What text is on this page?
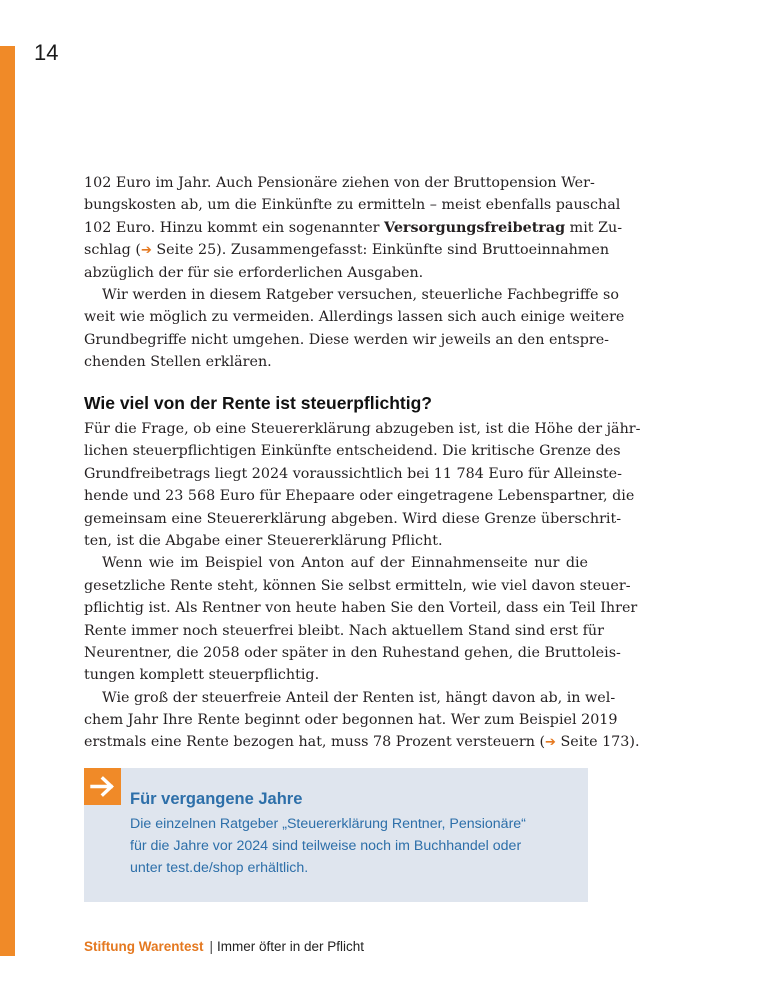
14
102 Euro im Jahr. Auch Pensionäre ziehen von der Bruttopension Wer-
bungskosten ab, um die Einkünfte zu ermitteln – meist ebenfalls pauschal
102 Euro. Hinzu kommt ein sogenannter Versorgungsfreibetrag mit Zu-
schlag (➔ Seite 25). Zusammengefasst: Einkünfte sind Bruttoeinnahmen
abzüglich der für sie erforderlichen Ausgaben.
Wir werden in diesem Ratgeber versuchen, steuerliche Fachbegriffe so
weit wie möglich zu vermeiden. Allerdings lassen sich auch einige weitere
Grundbegriffe nicht umgehen. Diese werden wir jeweils an den entspre-
chenden Stellen erklären.
Wie viel von der Rente ist steuerpflichtig?
Für die Frage, ob eine Steuererklärung abzugeben ist, ist die Höhe der jähr-
lichen steuerpflichtigen Einkünfte entscheidend. Die kritische Grenze des
Grundfreibetrags liegt 2024 voraussichtlich bei 11 784 Euro für Alleinste-
hende und 23 568 Euro für Ehepaare oder eingetragene Lebenspartner, die
gemeinsam eine Steuererklärung abgeben. Wird diese Grenze überschrit-
ten, ist die Abgabe einer Steuererklärung Pflicht.
Wenn wie im Beispiel von Anton auf der Einnahmenseite nur die
gesetzliche Rente steht, können Sie selbst ermitteln, wie viel davon steuer-
pflichtig ist. Als Rentner von heute haben Sie den Vorteil, dass ein Teil Ihrer
Rente immer noch steuerfrei bleibt. Nach aktuellem Stand sind erst für
Neurentner, die 2058 oder später in den Ruhestand gehen, die Bruttoleis-
tungen komplett steuerpflichtig.
Wie groß der steuerfreie Anteil der Renten ist, hängt davon ab, in wel-
chem Jahr Ihre Rente beginnt oder begonnen hat. Wer zum Beispiel 2019
erstmals eine Rente bezogen hat, muss 78 Prozent versteuern (➔ Seite 173).
Für vergangene Jahre
Die einzelnen Ratgeber „Steuererklärung Rentner, Pensionäre“
für die Jahre vor 2024 sind teilweise noch im Buchhandel oder
unter test.de/shop erhältlich.
Stiftung Warentest | Immer öfter in der Pflicht
